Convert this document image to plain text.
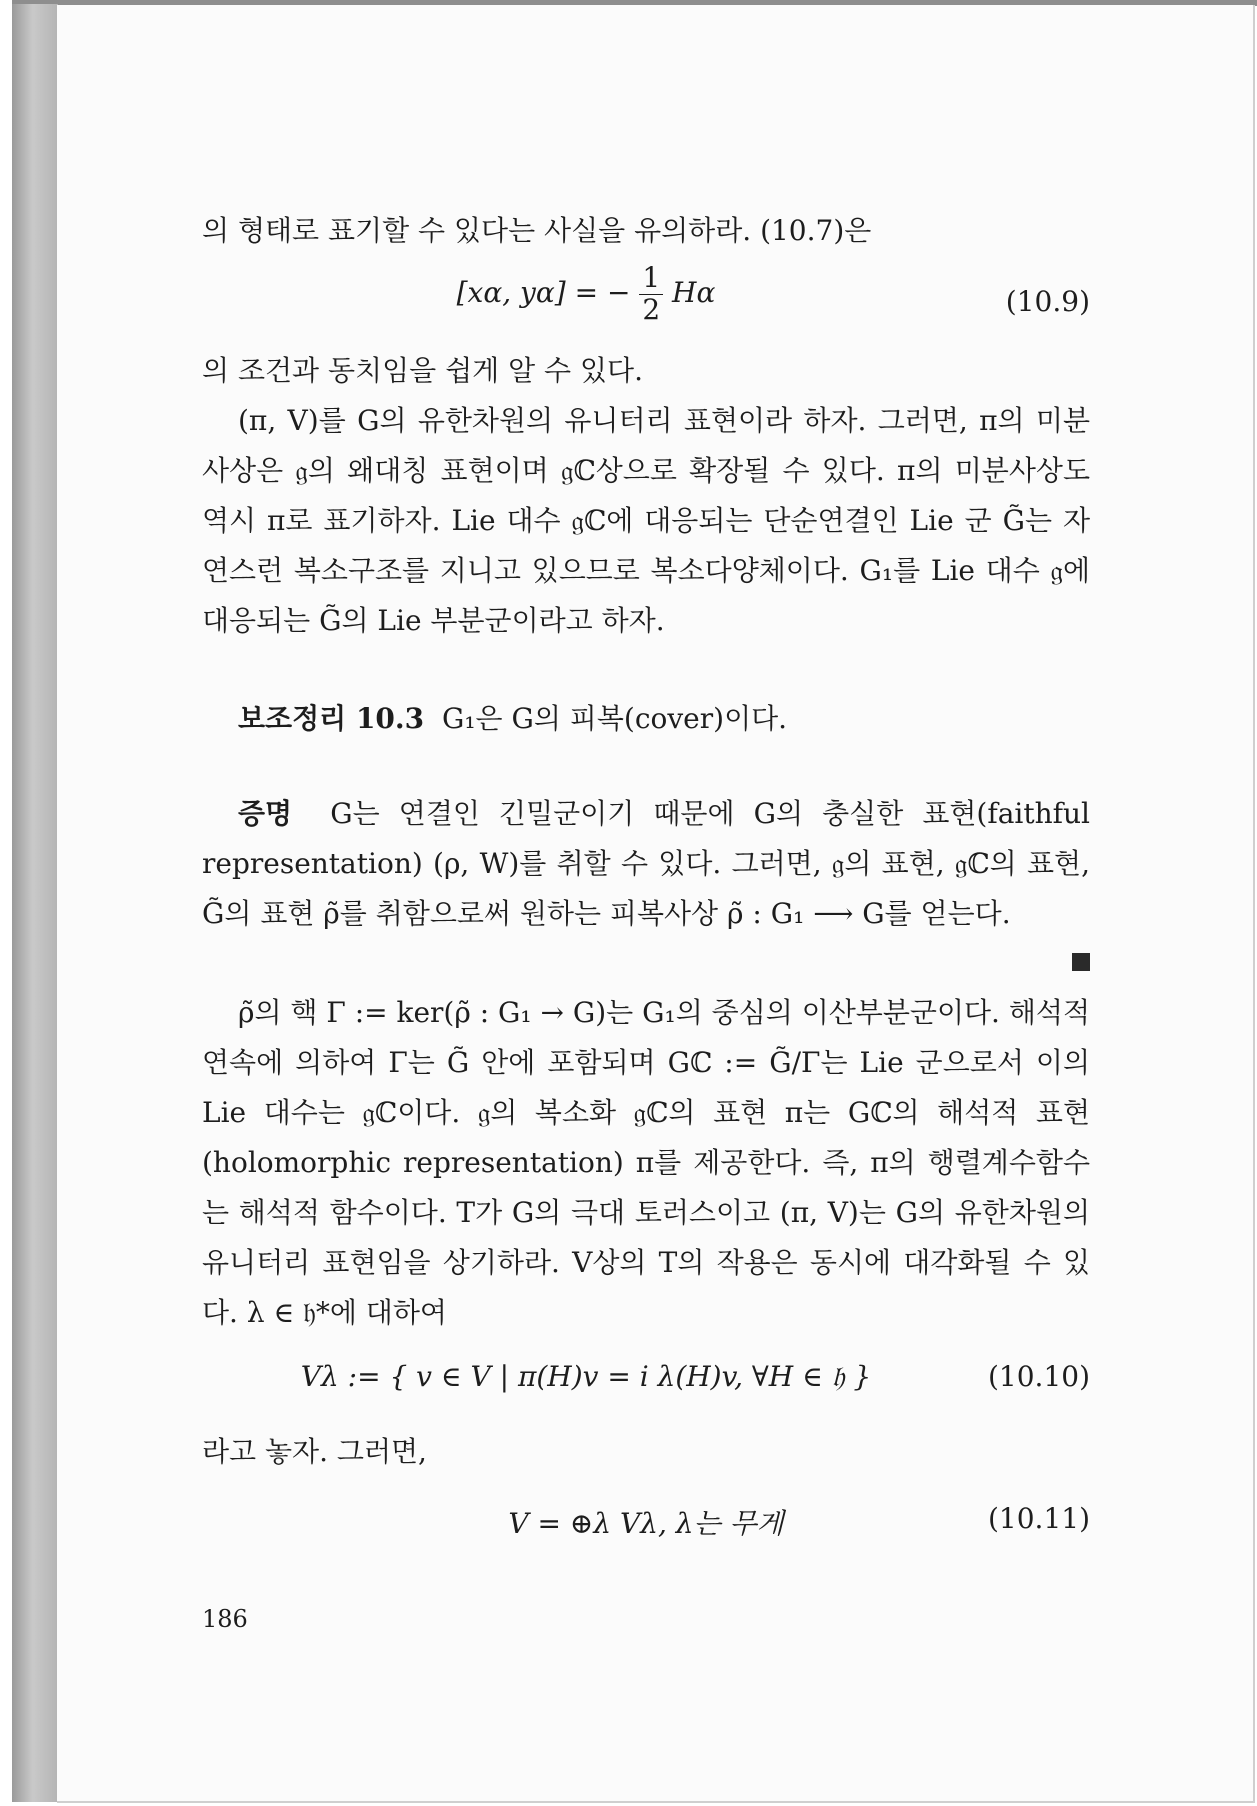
의 형태로 표기할 수 있다는 사실을 유의하라. (10.7)은

[xα, yα] = − $\frac{1}{2}$ Hα	(10.9)

의 조건과 동치임을 쉽게 알 수 있다.

(π, V)를 G의 유한차원의 유니터리 표현이라 하자. 그러면, π의 미분사상은 𝔤의 왜대칭 표현이며 𝔤ℂ상으로 확장될 수 있다. π의 미분사상도 역시 π로 표기하자. Lie 대수 𝔤ℂ에 대응되는 단순연결인 Lie 군 G̃는 자연스런 복소구조를 지니고 있으므로 복소다양체이다. G₁를 Lie 대수 𝔤에 대응되는 G̃의 Lie 부분군이라고 하자.

보조정리 10.3 G₁은 G의 피복(cover)이다.

증명 G는 연결인 긴밀군이기 때문에 G의 충실한 표현(faithful representation) (ρ, W)를 취할 수 있다. 그러면, 𝔤의 표현, 𝔤ℂ의 표현, G̃의 표현 ρ̃를 취함으로써 원하는 피복사상 ρ̃ : G₁ ⟶ G를 얻는다.

ρ̃의 핵 Γ := ker(ρ̃ : G₁ → G)는 G₁의 중심의 이산부분군이다. 해석적 연속에 의하여 Γ는 G̃ 안에 포함되며 Gℂ := G̃/Γ는 Lie 군으로서 이의 Lie 대수는 𝔤ℂ이다. 𝔤의 복소화 𝔤ℂ의 표현 π는 Gℂ의 해석적 표현(holomorphic representation) π를 제공한다. 즉, π의 행렬계수함수는 해석적 함수이다. T가 G의 극대 토러스이고 (π, V)는 G의 유한차원의 유니터리 표현임을 상기하라. V상의 T의 작용은 동시에 대각화될 수 있다. λ ∈ 𝔥*에 대하여

Vλ := { v ∈ V | π(H)v = i λ(H)v, ∀H ∈ 𝔥 }	(10.10)

라고 놓자. 그러면,

V = ⊕λ Vλ, λ는 무게	(10.11)
186
